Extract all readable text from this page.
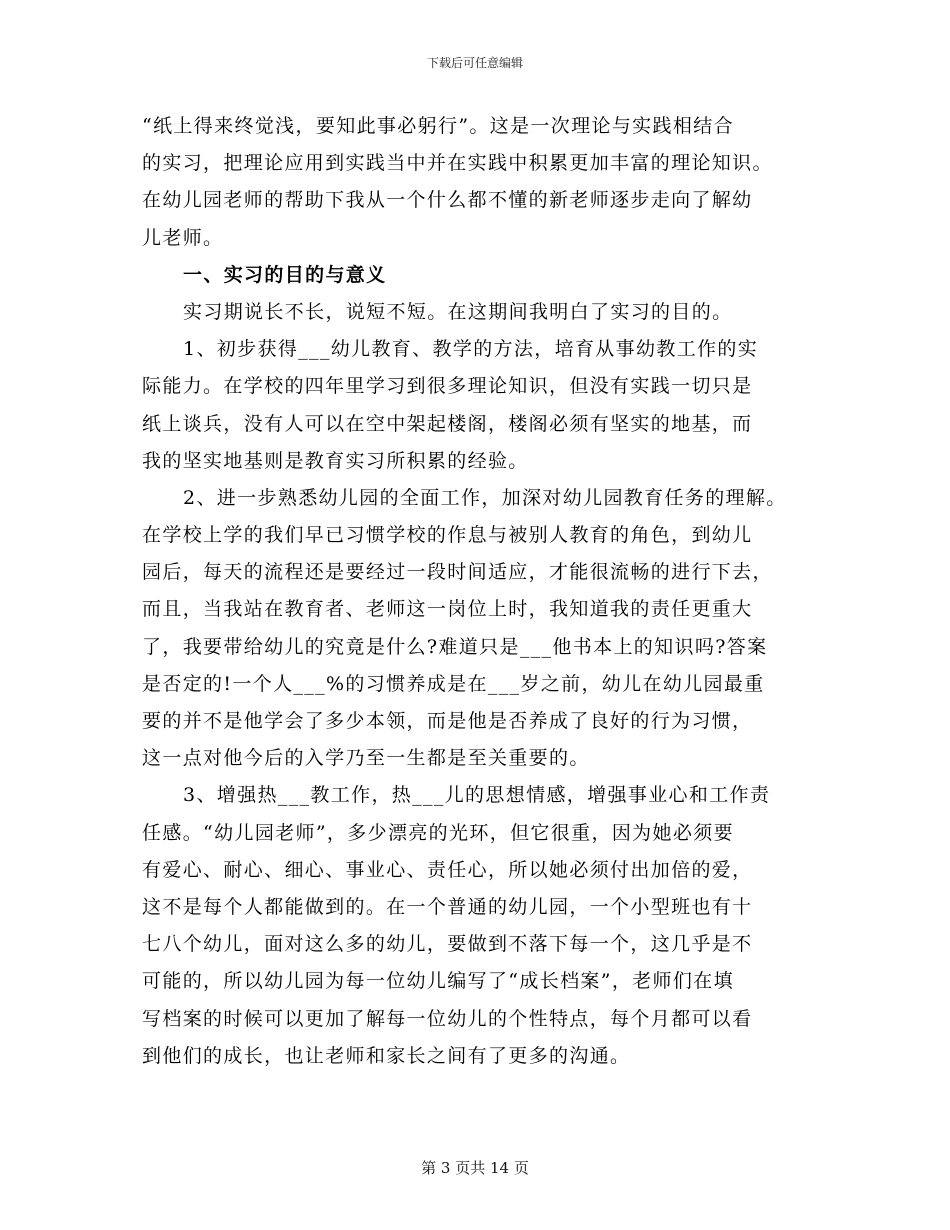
下载后可任意编辑
“纸上得来终觉浅，要知此事必躬行”。这是一次理论与实践相结合
的实习，把理论应用到实践当中并在实践中积累更加丰富的理论知识。
在幼儿园老师的帮助下我从一个什么都不懂的新老师逐步走向了解幼
儿老师。
一、实习的目的与意义
实习期说长不长，说短不短。在这期间我明白了实习的目的。
1、初步获得___幼儿教育、教学的方法，培育从事幼教工作的实
际能力。在学校的四年里学习到很多理论知识，但没有实践一切只是
纸上谈兵，没有人可以在空中架起楼阁，楼阁必须有坚实的地基，而
我的坚实地基则是教育实习所积累的经验。
2、进一步熟悉幼儿园的全面工作，加深对幼儿园教育任务的理解。
在学校上学的我们早已习惯学校的作息与被别人教育的角色，到幼儿
园后，每天的流程还是要经过一段时间适应，才能很流畅的进行下去，
而且，当我站在教育者、老师这一岗位上时，我知道我的责任更重大
了，我要带给幼儿的究竟是什么?难道只是___他书本上的知识吗?答案
是否定的!一个人___%的习惯养成是在___岁之前，幼儿在幼儿园最重
要的并不是他学会了多少本领，而是他是否养成了良好的行为习惯，
这一点对他今后的入学乃至一生都是至关重要的。
3、增强热___教工作，热___儿的思想情感，增强事业心和工作责
任感。“幼儿园老师”，多少漂亮的光环，但它很重，因为她必须要
有爱心、耐心、细心、事业心、责任心，所以她必须付出加倍的爱，
这不是每个人都能做到的。在一个普通的幼儿园，一个小型班也有十
七八个幼儿，面对这么多的幼儿，要做到不落下每一个，这几乎是不
可能的，所以幼儿园为每一位幼儿编写了“成长档案”，老师们在填
写档案的时候可以更加了解每一位幼儿的个性特点，每个月都可以看
到他们的成长，也让老师和家长之间有了更多的沟通。
第 3 页共 14 页
